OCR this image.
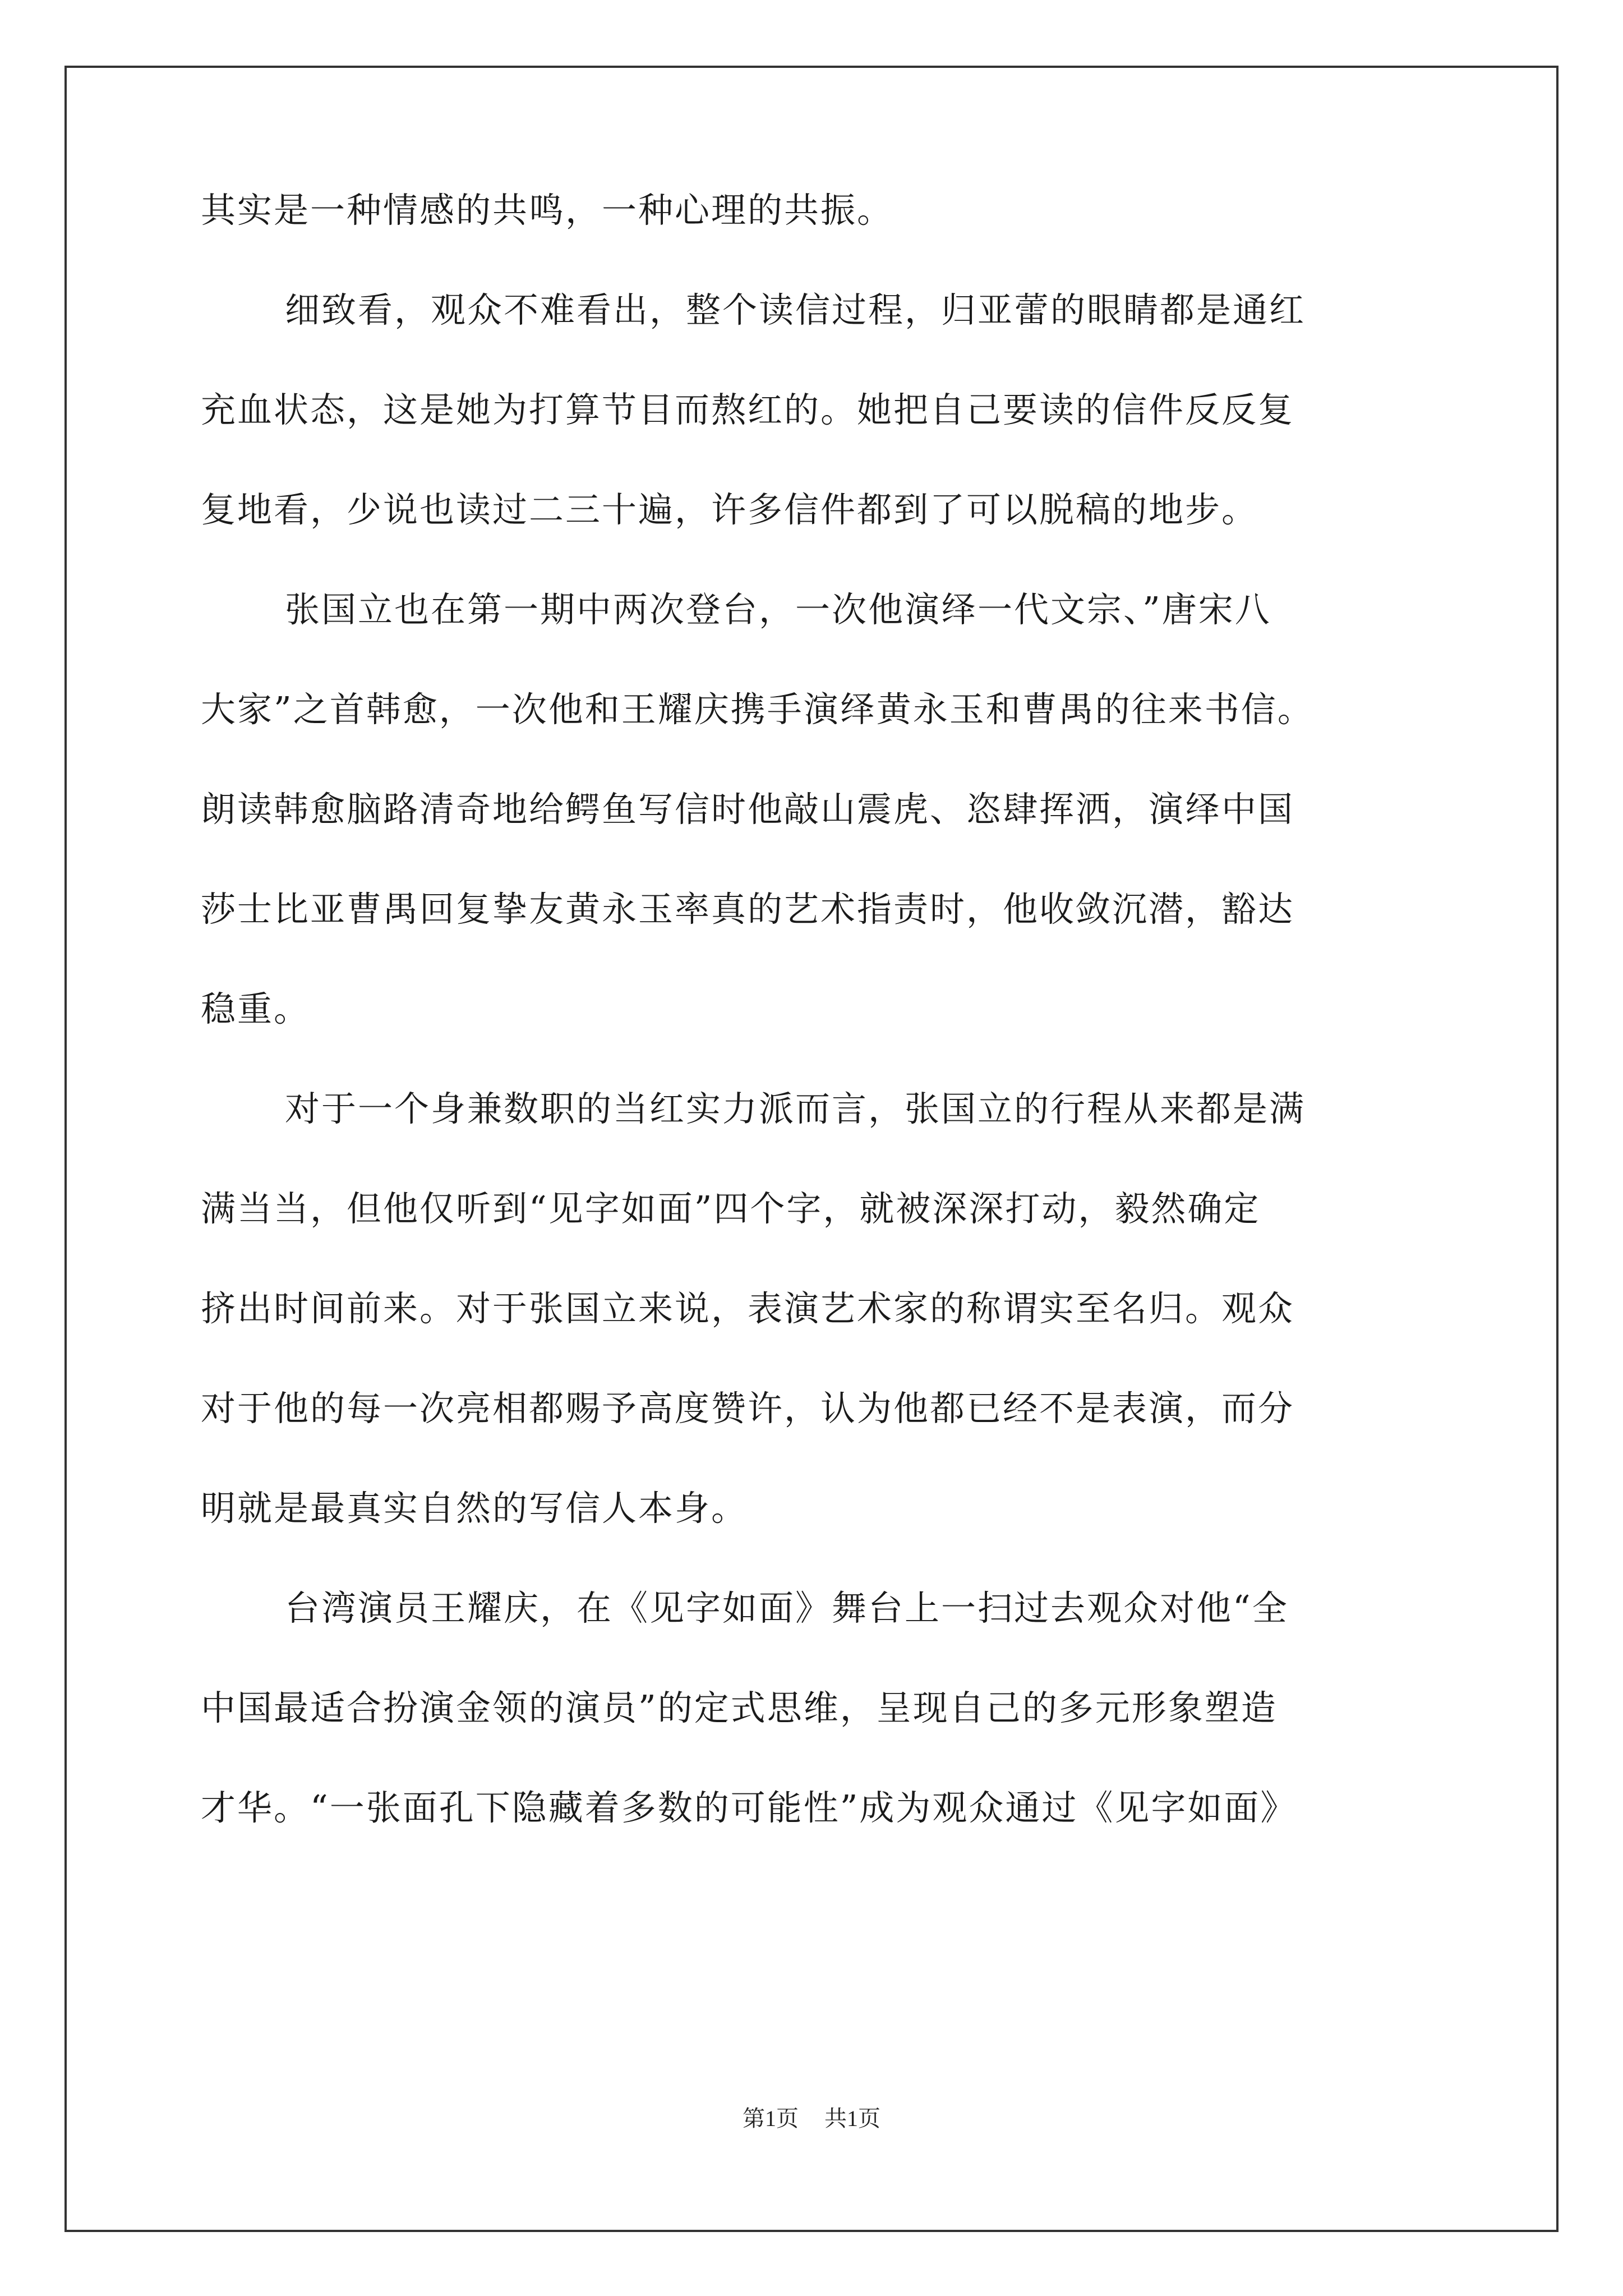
其实是一种情感的共鸣，一种心理的共振。
细致看，观众不难看出，整个读信过程，归亚蕾的眼睛都是通红
充血状态，这是她为打算节目而熬红的。她把自己要读的信件反反复
复地看，少说也读过二三十遍，许多信件都到了可以脱稿的地步。
张国立也在第一期中两次登台，一次他演绎一代文宗、”唐宋八
大家”之首韩愈，一次他和王耀庆携手演绎黄永玉和曹禺的往来书信。
朗读韩愈脑路清奇地给鳄鱼写信时他敲山震虎、恣肆挥洒，演绎中国
莎士比亚曹禺回复挚友黄永玉率真的艺术指责时，他收敛沉潜，豁达
稳重。
对于一个身兼数职的当红实力派而言，张国立的行程从来都是满
满当当，但他仅听到“见字如面”四个字，就被深深打动，毅然确定
挤出时间前来。对于张国立来说，表演艺术家的称谓实至名归。观众
对于他的每一次亮相都赐予高度赞许，认为他都已经不是表演，而分
明就是最真实自然的写信人本身。
台湾演员王耀庆，在《见字如面》舞台上一扫过去观众对他“全
中国最适合扮演金领的演员”的定式思维，呈现自己的多元形象塑造
才华。“一张面孔下隐藏着多数的可能性”成为观众通过《见字如面》
第1页 共1页
